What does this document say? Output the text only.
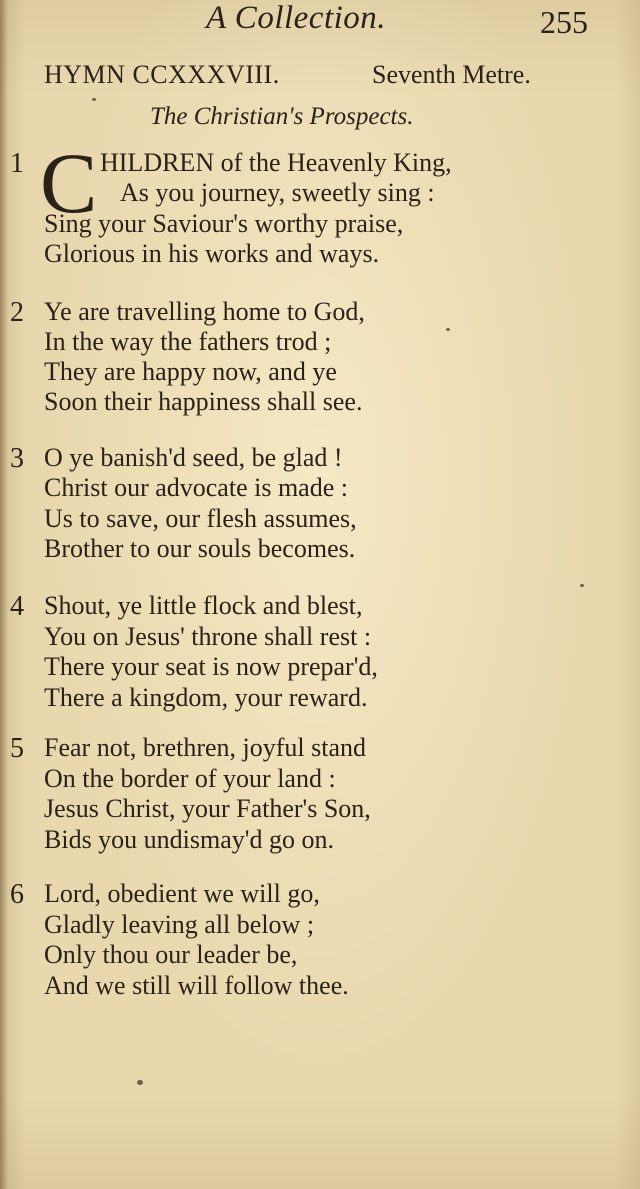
A Collection.	255
HYMN CCXXXVIII.	Seventh Metre.
The Christian's Prospects.
C
1	HILDREN of the Heavenly King,
As you journey, sweetly sing :
Sing your Saviour's worthy praise,
Glorious in his works and ways.
2 Ye are travelling home to God,
In the way the fathers trod ;
They are happy now, and ye
Soon their happiness shall see.
3 O ye banish'd seed, be glad !
Christ our advocate is made :
Us to save, our flesh assumes,
Brother to our souls becomes.
4 Shout, ye little flock and blest,
You on Jesus' throne shall rest :
There your seat is now prepar'd,
There a kingdom, your reward.
5 Fear not, brethren, joyful stand
On the border of your land :
Jesus Christ, your Father's Son,
Bids you undismay'd go on.
6 Lord, obedient we will go,
Gladly leaving all below ;
Only thou our leader be,
And we still will follow thee.
